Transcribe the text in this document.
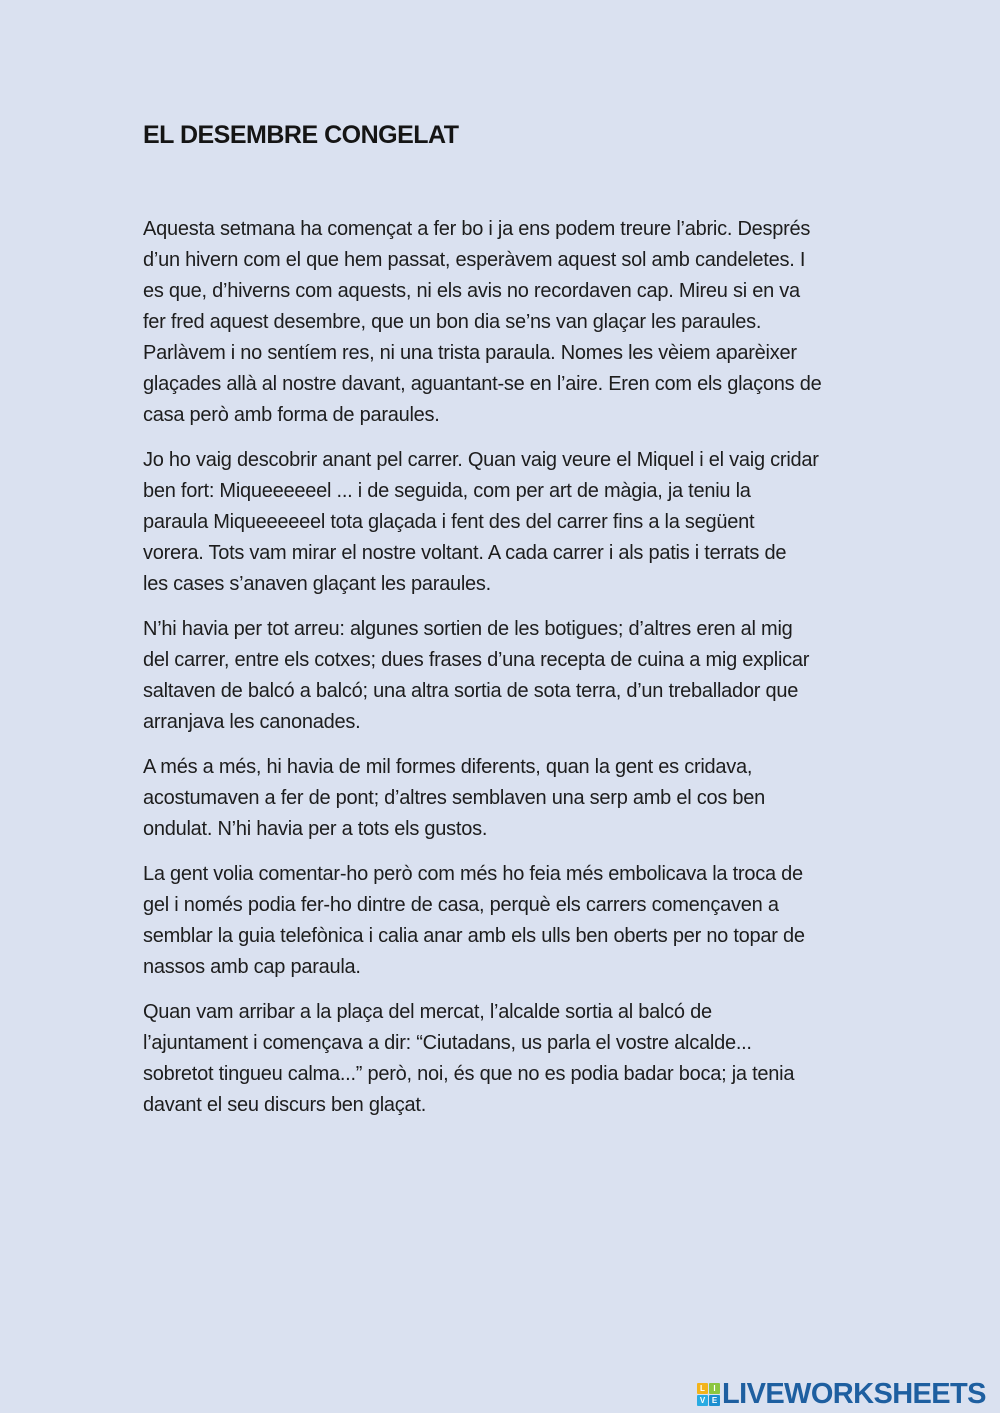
EL DESEMBRE CONGELAT

Aquesta setmana ha començat a fer bo i ja ens podem treure l’abric. Després
d’un hivern com el que hem passat, esperàvem aquest sol amb candeletes. I
es que, d’hiverns com aquests, ni els avis no recordaven cap. Mireu si en va
fer fred aquest desembre, que un bon dia se’ns van glaçar les paraules.
Parlàvem i no sentíem res, ni una trista paraula. Nomes les vèiem aparèixer
glaçades allà al nostre davant, aguantant-se en l’aire. Eren com els glaçons de
casa però amb forma de paraules.

Jo ho vaig descobrir anant pel carrer. Quan vaig veure el Miquel i el vaig cridar
ben fort: Miqueeeeeel ... i de seguida, com per art de màgia, ja teniu la
paraula Miqueeeeeel tota glaçada i fent des del carrer fins a la següent
vorera. Tots vam mirar el nostre voltant. A cada carrer i als patis i terrats de
les cases s’anaven glaçant les paraules.

N’hi havia per tot arreu: algunes sortien de les botigues; d’altres eren al mig
del carrer, entre els cotxes; dues frases d’una recepta de cuina a mig explicar
saltaven de balcó a balcó; una altra sortia de sota terra, d’un treballador que
arranjava les canonades.

A més a més, hi havia de mil formes diferents, quan la gent es cridava,
acostumaven a fer de pont; d’altres semblaven una serp amb el cos ben
ondulat. N’hi havia per a tots els gustos.

La gent volia comentar-ho però com més ho feia més embolicava la troca de
gel i només podia fer-ho dintre de casa, perquè els carrers començaven a
semblar la guia telefònica i calia anar amb els ulls ben oberts per no topar de
nassos amb cap paraula.

Quan vam arribar a la plaça del mercat, l’alcalde sortia al balcó de
l’ajuntament i començava a dir: “Ciutadans, us parla el vostre alcalde...
sobretot tingueu calma...” però, noi, és que no es podia badar boca; ja tenia
davant el seu discurs ben glaçat.

L	I
V E LIVEWORKSHEETS
